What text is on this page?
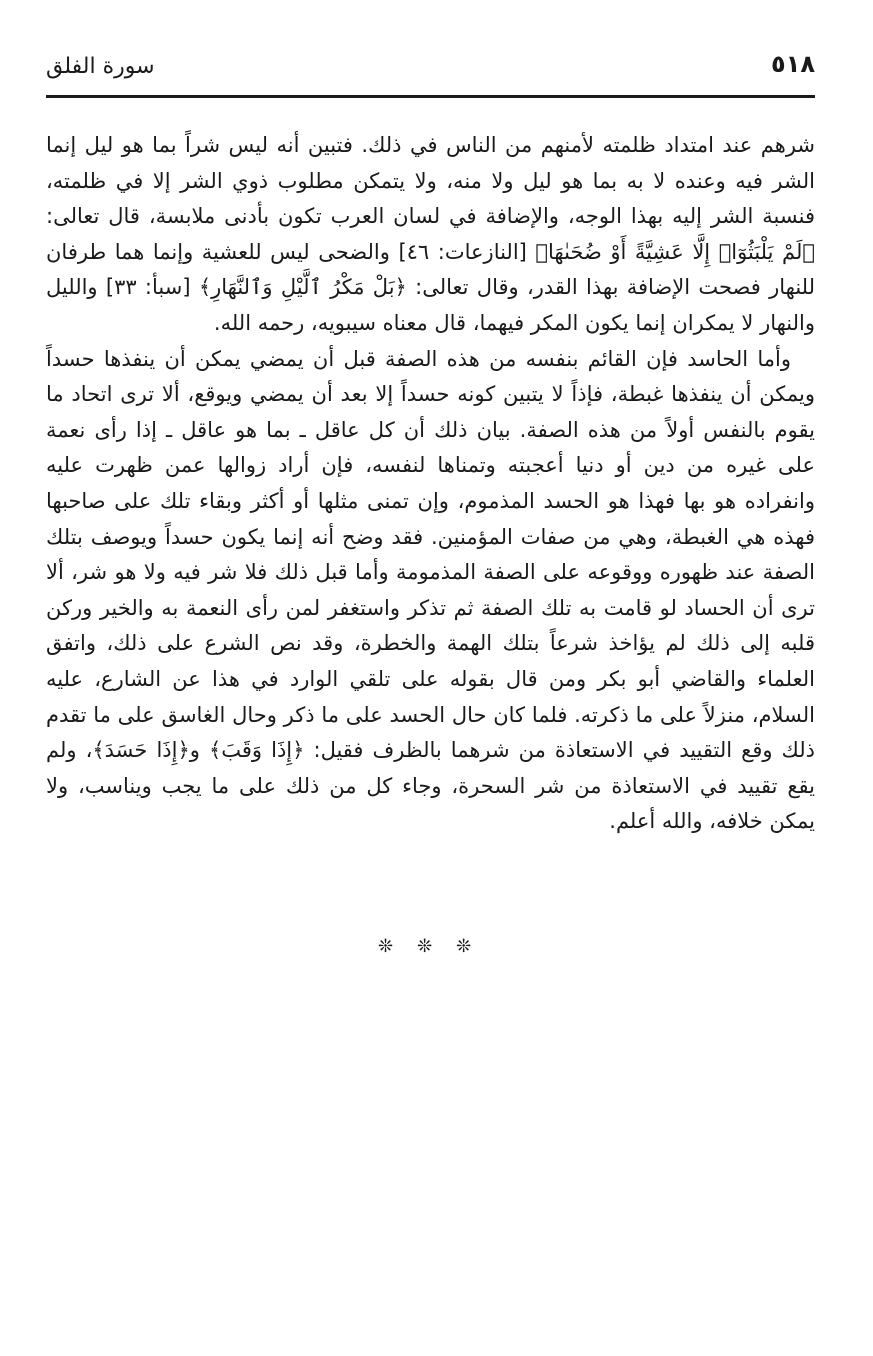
٥١٨
سورة الفلق

شرهم عند امتداد ظلمته لأمنهم من الناس في ذلك. فتبين أنه ليس شراً بما هو ليل إنما الشر فيه وعنده لا به بما هو ليل ولا منه، ولا يتمكن مطلوب ذوي الشر إلا في ظلمته، فنسبة الشر إليه بهذا الوجه، والإضافة في لسان العرب تكون بأدنى ملابسة، قال تعالى: ﴿لَمْ يَلْبَثُوٓا۟ إِلَّا عَشِيَّةً أَوْ ضُحَىٰهَا﴾ [النازعات: ٤٦] والضحى ليس للعشية وإنما هما طرفان للنهار فصحت الإضافة بهذا القدر، وقال تعالى: ﴿بَلْ مَكْرُ ٱلَّيْلِ وَٱلنَّهَارِ﴾ [سبأ: ٣٣] والليل والنهار لا يمكران إنما يكون المكر فيهما، قال معناه سيبويه، رحمه الله.

وأما الحاسد فإن القائم بنفسه من هذه الصفة قبل أن يمضي يمكن أن ينفذها حسداً ويمكن أن ينفذها غبطة، فإذاً لا يتبين كونه حسداً إلا بعد أن يمضي ويوقع، ألا ترى اتحاد ما يقوم بالنفس أولاً من هذه الصفة. بيان ذلك أن كل عاقل ـ بما هو عاقل ـ إذا رأى نعمة على غيره من دين أو دنيا أعجبته وتمناها لنفسه، فإن أراد زوالها عمن ظهرت عليه وانفراده هو بها فهذا هو الحسد المذموم، وإن تمنى مثلها أو أكثر وبقاء تلك على صاحبها فهذه هي الغبطة، وهي من صفات المؤمنين. فقد وضح أنه إنما يكون حسداً ويوصف بتلك الصفة عند ظهوره ووقوعه على الصفة المذمومة وأما قبل ذلك فلا شر فيه ولا هو شر، ألا ترى أن الحساد لو قامت به تلك الصفة ثم تذكر واستغفر لمن رأى النعمة به والخير وركن قلبه إلى ذلك لم يؤاخذ شرعاً بتلك الهمة والخطرة، وقد نص الشرع على ذلك، واتفق العلماء والقاضي أبو بكر ومن قال بقوله على تلقي الوارد في هذا عن الشارع، عليه السلام، منزلاً على ما ذكرته. فلما كان حال الحسد على ما ذكر وحال الغاسق على ما تقدم ذلك وقع التقييد في الاستعاذة من شرهما بالظرف فقيل: ﴿إِذَا وَقَبَ﴾ و﴿إِذَا حَسَدَ﴾، ولم يقع تقييد في الاستعاذة من شر السحرة، وجاء كل من ذلك على ما يجب ويناسب، ولا يمكن خلافه، والله أعلم.

❊❊❊
